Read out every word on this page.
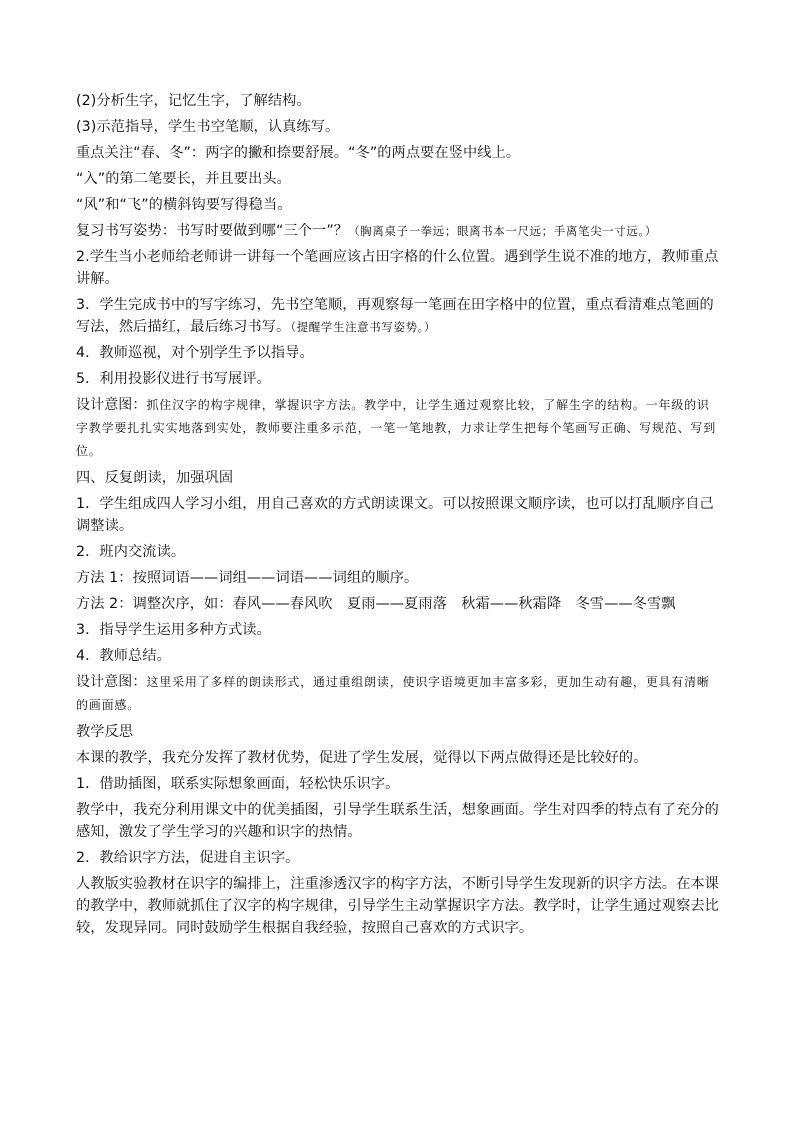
(2)分析生字，记忆生字，了解结构。

(3)示范指导，学生书空笔顺，认真练写。

重点关注“春、冬”：两字的撇和捺要舒展。“冬”的两点要在竖中线上。

“入”的第二笔要长，并且要出头。

“风”和“飞”的横斜钩要写得稳当。

复习书写姿势：书写时要做到哪“三个一”？（胸离桌子一拳远；眼离书本一尺远；手离笔尖一寸远。）

2.学生当小老师给老师讲一讲每一个笔画应该占田字格的什么位置。遇到学生说不准的地方，教师重点讲解。

3．学生完成书中的写字练习，先书空笔顺，再观察每一笔画在田字格中的位置，重点看清难点笔画的写法，然后描红，最后练习书写。（提醒学生注意书写姿势。）

4．教师巡视，对个别学生予以指导。

5．利用投影仪进行书写展评。

设计意图：抓住汉字的构字规律，掌握识字方法。教学中，让学生通过观察比较，了解生字的结构。一年级的识字教学要扎扎实实地落到实处，教师要注重多示范，一笔一笔地教，力求让学生把每个笔画写正确、写规范、写到位。

四、反复朗读，加强巩固

1．学生组成四人学习小组，用自己喜欢的方式朗读课文。可以按照课文顺序读，也可以打乱顺序自己调整读。

2．班内交流读。

方法 1：按照词语——词组——词语——词组的顺序。

方法 2：调整次序，如：春风——春风吹　夏雨——夏雨落　秋霜——秋霜降　冬雪——冬雪飘

3．指导学生运用多种方式读。

4．教师总结。

设计意图：这里采用了多样的朗读形式，通过重组朗读，使识字语境更加丰富多彩，更加生动有趣，更具有清晰的画面感。

教学反思

本课的教学，我充分发挥了教材优势，促进了学生发展，觉得以下两点做得还是比较好的。

1．借助插图，联系实际想象画面，轻松快乐识字。

教学中，我充分利用课文中的优美插图，引导学生联系生活，想象画面。学生对四季的特点有了充分的感知，激发了学生学习的兴趣和识字的热情。

2．教给识字方法，促进自主识字。

人教版实验教材在识字的编排上，注重渗透汉字的构字方法，不断引导学生发现新的识字方法。在本课的教学中，教师就抓住了汉字的构字规律，引导学生主动掌握识字方法。教学时，让学生通过观察去比较，发现异同。同时鼓励学生根据自我经验，按照自己喜欢的方式识字。
